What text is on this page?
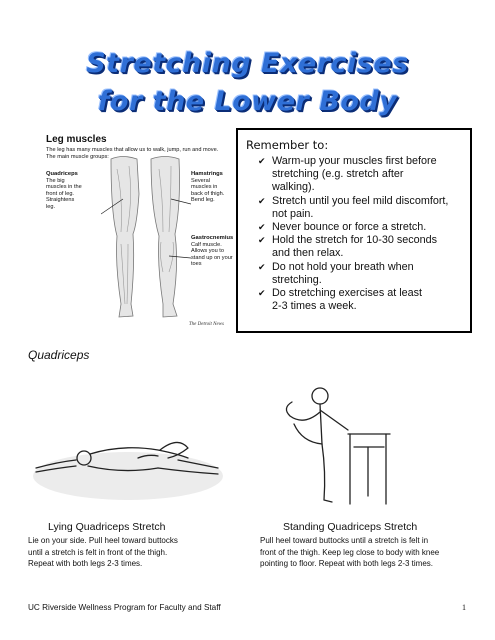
Stretching Exercises
for the Lower Body
Leg muscles
The leg has many muscles that allow us to walk, jump, run and move. The main muscle groups:
Quadriceps
The big
muscles in the
front of leg.
Straightens
leg.
Hamstrings
Several
muscles in
back of thigh.
Bend leg.
Gastrocnemius
Calf muscle.
Allows you to
stand up on your
toes
The Detroit News
Remember to:
✔ Warm-up your muscles first before
stretching (e.g. stretch after
walking).
✔ Stretch until you feel mild discomfort,
not pain.
✔ Never bounce or force a stretch.
✔ Hold the stretch for 10-30 seconds
and then relax.
✔ Do not hold your breath when
stretching.
✔ Do stretching exercises at least
2-3 times a week.
Quadriceps
Lying Quadriceps Stretch
Lie on your side. Pull heel toward buttocks
until a stretch is felt in front of the thigh.
Repeat with both legs 2-3 times.
Standing Quadriceps Stretch
Pull heel toward buttocks until a stretch is felt in
front of the thigh. Keep leg close to body with knee
pointing to floor. Repeat with both legs 2-3 times.
UC Riverside Wellness Program for Faculty and Staff	1
